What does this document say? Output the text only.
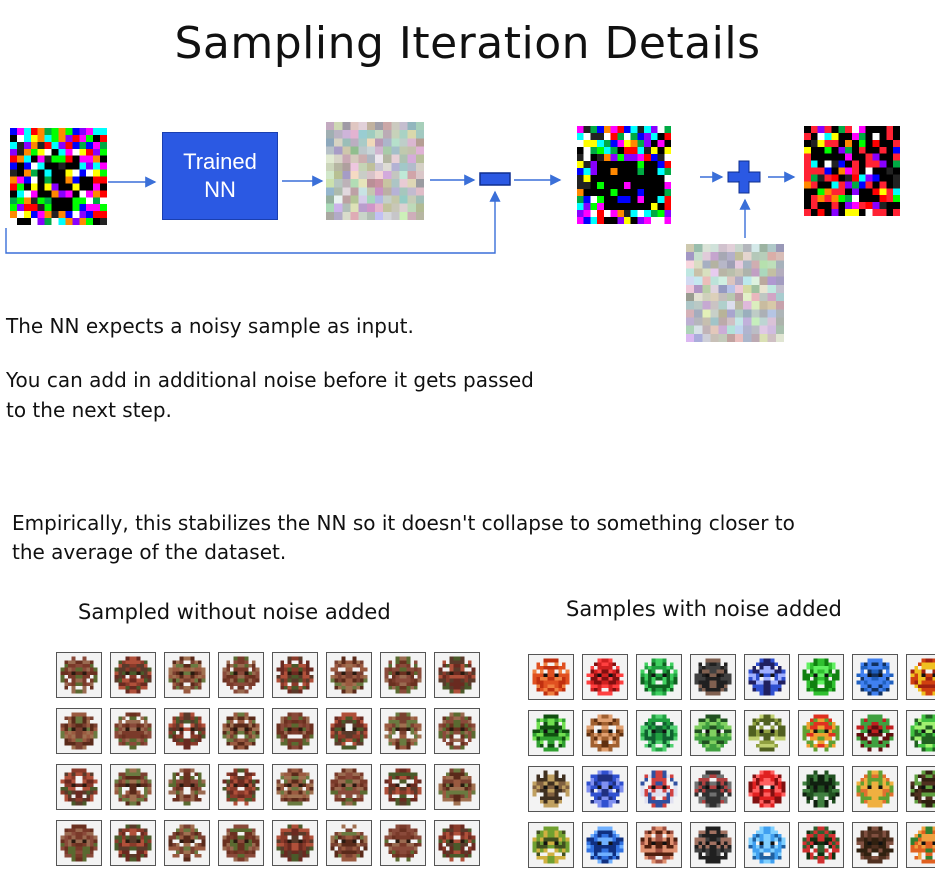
Sampling Iteration Details
Trained
NN
The NN expects a noisy sample as input.
You can add in additional noise before it gets passed
to the next step.
Empirically, this stabilizes the NN so it doesn't collapse to something closer to
the average of the dataset.
Sampled without noise added	Samples with noise added
